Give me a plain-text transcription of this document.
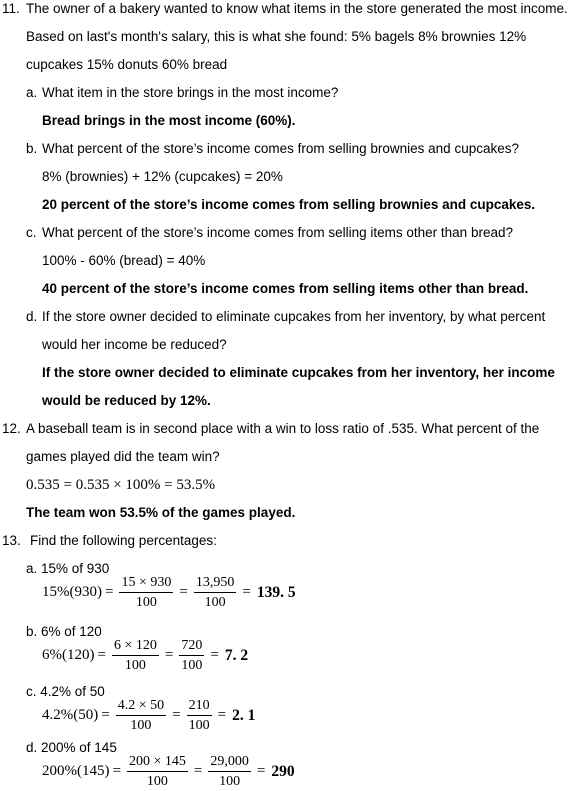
11. The owner of a bakery wanted to know what items in the store generated the most income.
Based on last's month's salary, this is what she found: 5% bagels 8% brownies 12%
cupcakes 15% donuts 60% bread
a. What item in the store brings in the most income?
Bread brings in the most income (60%).
b. What percent of the store’s income comes from selling brownies and cupcakes?
8% (brownies) + 12% (cupcakes) = 20%
20 percent of the store’s income comes from selling brownies and cupcakes.
c. What percent of the store’s income comes from selling items other than bread?
100% - 60% (bread) = 40%
40 percent of the store’s income comes from selling items other than bread.
d. If the store owner decided to eliminate cupcakes from her inventory, by what percent
would her income be reduced?
If the store owner decided to eliminate cupcakes from her inventory, her income
would be reduced by 12%.
12. A baseball team is in second place with a win to loss ratio of .535. What percent of the
games played did the team win?
0.535 = 0.535 × 100% = 53.5%
The team won 53.5% of the games played.
13. Find the following percentages:
a. 15% of 930
$15\%(930) = \frac{15 \times 930}{100} = \frac{13,950}{100} = 139$. 5
b. 6% of 120
$6\%(120) = \frac{6 \times 120}{100} = \frac{720}{100} = 7$. 2
c. 4.2% of 50
$4.2\%(50) = \frac{4.2 \times 50}{100} = \frac{210}{100} = 2$. 1
d. 200% of 145
$200\%(145) = \frac{200 \times 145}{100} = \frac{29,000}{100} = 290$
